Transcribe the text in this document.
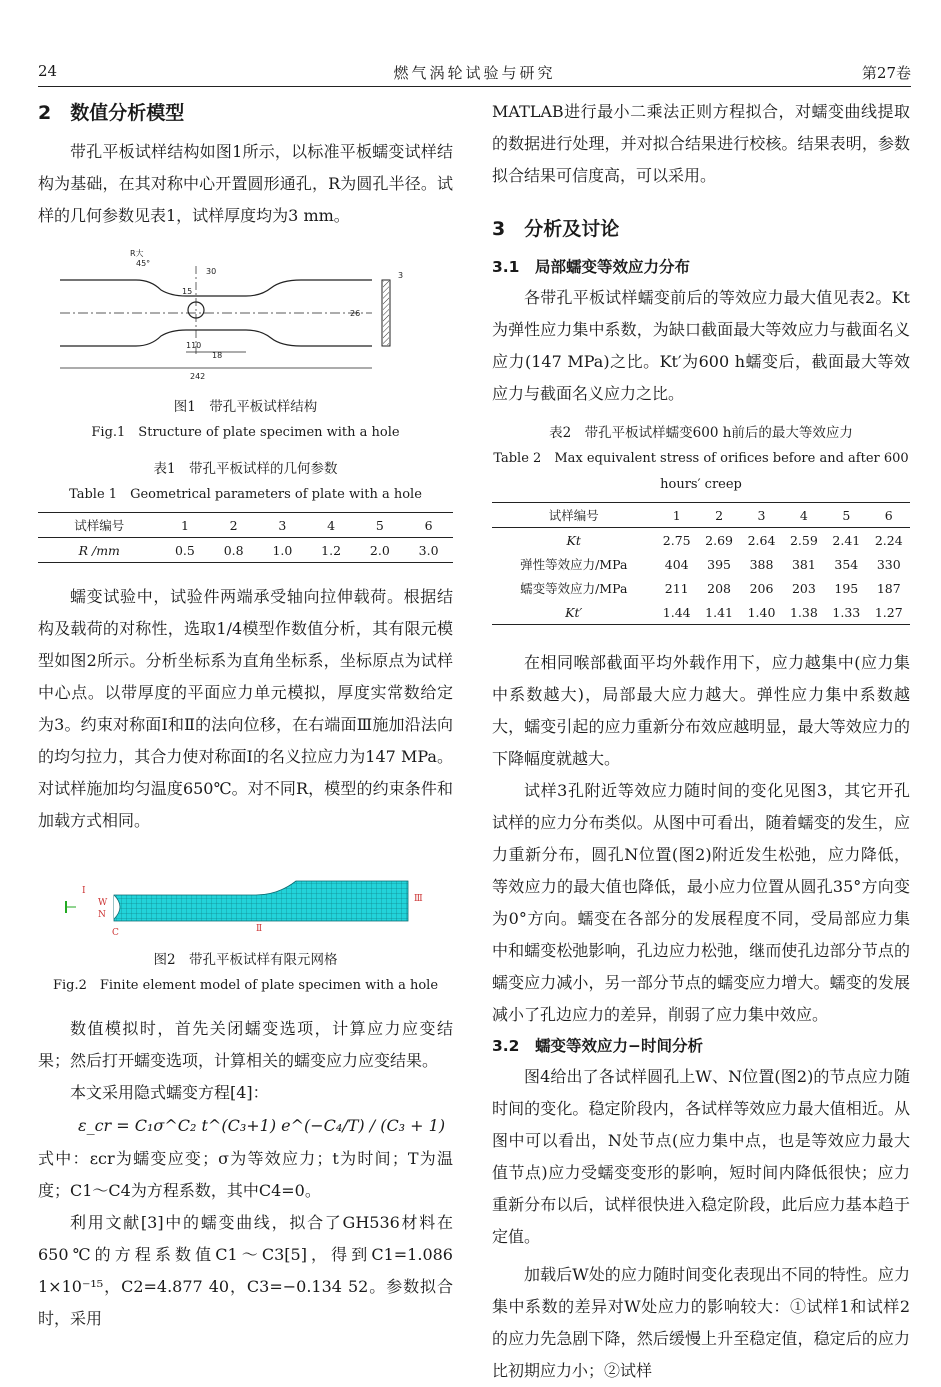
24	燃气涡轮试验与研究	第27卷
2　数值分析模型

带孔平板试样结构如图1所示，以标准平板蠕变试样结构为基础，在其对称中心开置圆形通孔，R为圆孔半径。试样的几何参数见表1，试样厚度均为3 mm。

R大
45°
30	3
15
26
110
18
242
图1　带孔平板试样结构
Fig.1　Structure of plate specimen with a hole
表1　带孔平板试样的几何参数
Table 1　Geometrical parameters of plate with a hole
试样编号	1	2	3	4	5	6
R /mm	0.5	0.8	1.0	1.2	2.0	3.0

蠕变试验中，试验件两端承受轴向拉伸载荷。根据结构及载荷的对称性，选取1/4模型作数值分析，其有限元模型如图2所示。分析坐标系为直角坐标系，坐标原点为试样中心点。以带厚度的平面应力单元模拟，厚度实常数给定为3。约束对称面Ⅰ和Ⅱ的法向位移，在右端面Ⅲ施加沿法向的均匀拉力，其合力使对称面Ⅰ的名义拉应力为147 MPa。对试样施加均匀温度650℃。对不同R，模型的约束条件和加载方式相同。

W
N
C	Ⅱ
Ⅲ
Ⅰ
图2　带孔平板试样有限元网格
Fig.2　Finite element model of plate specimen with a hole

数值模拟时，首先关闭蠕变选项，计算应力应变结果；然后打开蠕变选项，计算相关的蠕变应力应变结果。

本文采用隐式蠕变方程[4]：

ε_cr = C₁σ^C₂ t^(C₃+1) e^(−C₄/T) / (C₃ + 1)

式中：εcr为蠕变应变；σ为等效应力；t为时间；T为温度；C1～C4为方程系数，其中C4=0。

利用文献[3]中的蠕变曲线，拟合了GH536材料在650℃的方程系数值C1～C3[5]，得到C1=1.086 1×10⁻¹⁵，C2=4.877 40，C3=−0.134 52。参数拟合时，采用

MATLAB进行最小二乘法正则方程拟合，对蠕变曲线提取的数据进行处理，并对拟合结果进行校核。结果表明，参数拟合结果可信度高，可以采用。

3　分析及讨论
3.1　局部蠕变等效应力分布

各带孔平板试样蠕变前后的等效应力最大值见表2。Kt为弹性应力集中系数，为缺口截面最大等效应力与截面名义应力(147 MPa)之比。Kt′为600 h蠕变后，截面最大等效应力与截面名义应力之比。

表2　带孔平板试样蠕变600 h前后的最大等效应力
Table 2　Max equivalent stress of orifices before and after 600
hours′ creep
试样编号	1	2	3	4	5	6
Kt	2.75	2.69	2.64	2.59	2.41	2.24
弹性等效应力/MPa	404	395	388	381	354	330
蠕变等效应力/MPa	211	208	206	203	195	187
Kt′	1.44	1.41	1.40	1.38	1.33	1.27

在相同喉部截面平均外载作用下，应力越集中(应力集中系数越大)，局部最大应力越大。弹性应力集中系数越大，蠕变引起的应力重新分布效应越明显，最大等效应力的下降幅度就越大。

试样3孔附近等效应力随时间的变化见图3，其它开孔试样的应力分布类似。从图中可看出，随着蠕变的发生，应力重新分布，圆孔N位置(图2)附近发生松弛，应力降低，等效应力的最大值也降低，最小应力位置从圆孔35°方向变为0°方向。蠕变在各部分的发展程度不同，受局部应力集中和蠕变松弛影响，孔边应力松弛，继而使孔边部分节点的蠕变应力减小，另一部分节点的蠕变应力增大。蠕变的发展减小了孔边应力的差异，削弱了应力集中效应。

3.2　蠕变等效应力−时间分析

图4给出了各试样圆孔上W、N位置(图2)的节点应力随时间的变化。稳定阶段内，各试样等效应力最大值相近。从图中可以看出，N处节点(应力集中点，也是等效应力最大值节点)应力受蠕变变形的影响，短时间内降低很快；应力重新分布以后，试样很快进入稳定阶段，此后应力基本趋于定值。

加载后W处的应力随时间变化表现出不同的特性。应力集中系数的差异对W处应力的影响较大：①试样1和试样2的应力先急剧下降，然后缓慢上升至稳定值，稳定后的应力比初期应力小；②试样
